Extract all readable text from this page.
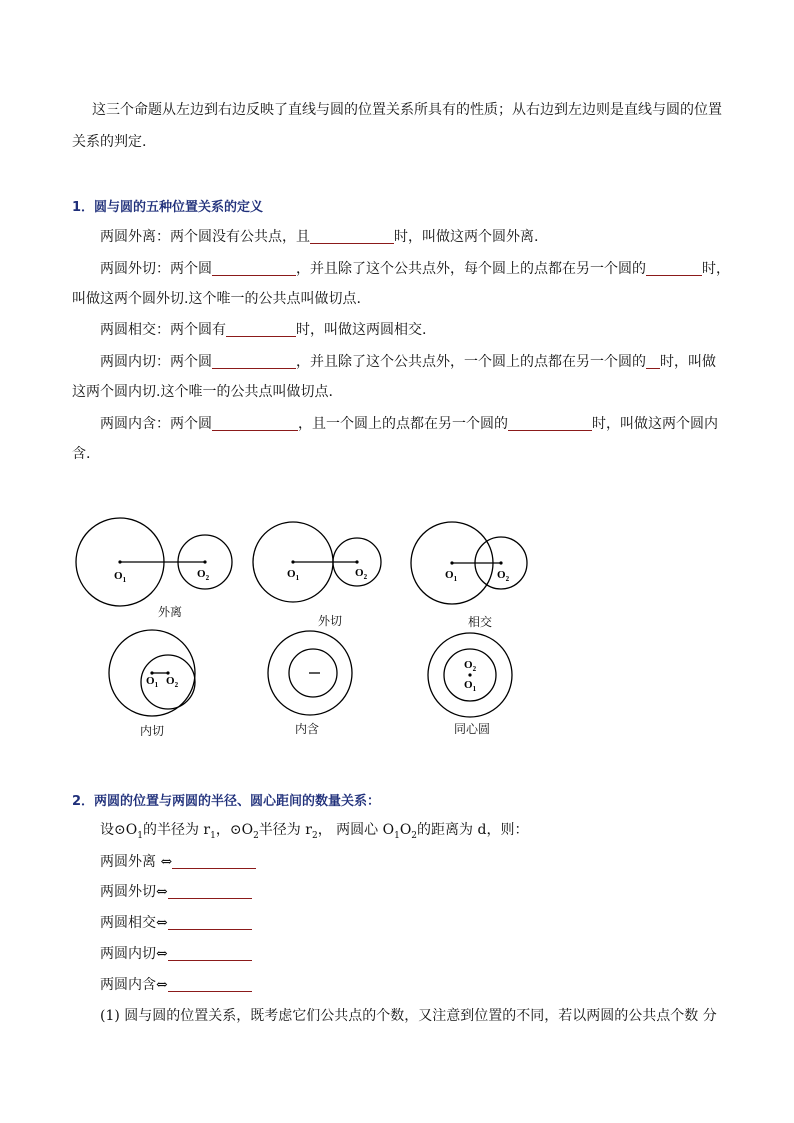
这三个命题从左边到右边反映了直线与圆的位置关系所具有的性质；从右边到左边则是直线与圆的位置
关系的判定.
1．圆与圆的五种位置关系的定义
两圆外离：两个圆没有公共点，且	时，叫做这两个圆外离.
两圆外切：两个圆	，并且除了这个公共点外，每个圆上的点都在另一个圆的	时，
叫做这两个圆外切.这个唯一的公共点叫做切点.
两圆相交：两个圆有	时，叫做这两圆相交.
两圆内切：两个圆	，并且除了这个公共点外，一个圆上的点都在另一个圆的 时，叫做
这两个圆内切.这个唯一的公共点叫做切点.
两圆内含：两个圆	，且一个圆上的点都在另一个圆的	时，叫做这两个圆内
含.
$O_1$	$O_2$	$O_1$	$O_2$	$O_1$	$O_2$
$O_1$ $O_2$
$O_2$
$O_1$
外离
外切	相交
内切	内含	同心圆
2．两圆的位置与两圆的半径、圆心距间的数量关系：
设$⊙O_1$的半径为 $r_1$，$⊙O_2$半径为 $r_2$， 两圆心 $O_1O_2$的距离为 d，则：
两圆外离 ⇔
两圆外切⇔
两圆相交⇔
两圆内切⇔
两圆内含⇔
(1) 圆与圆的位置关系，既考虑它们公共点的个数，又注意到位置的不同，若以两圆的公共点个数 分
